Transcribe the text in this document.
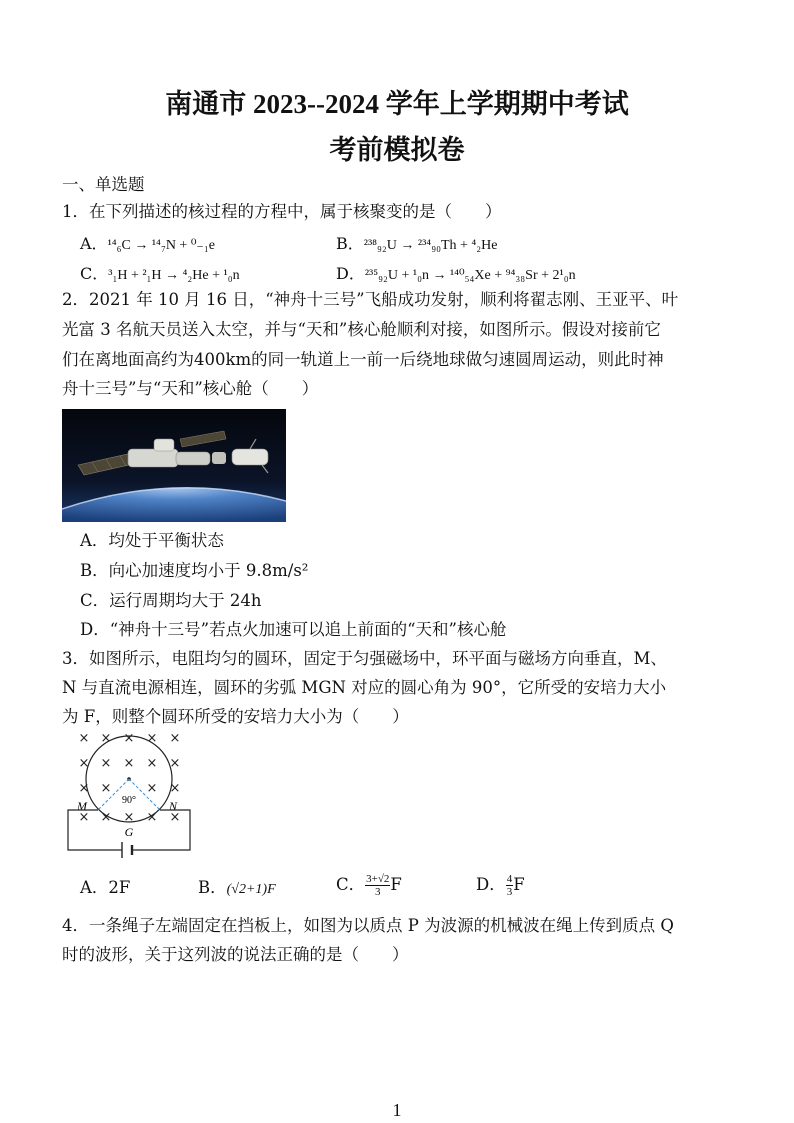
南通市 2023--2024 学年上学期期中考试
考前模拟卷
一、单选题
1．在下列描述的核过程的方程中，属于核聚变的是（　　）
A．¹⁴₆C → ¹⁴₇N + ⁰₋₁e	B．²³⁸₉₂U → ²³⁴₉₀Th + ⁴₂He
C．³₁H + ²₁H → ⁴₂He + ¹₀n	D．²³⁵₉₂U + ¹₀n → ¹⁴⁰₅₄Xe + ⁹⁴₃₈Sr + 2¹₀n
2．2021 年 10 月 16 日，“神舟十三号”飞船成功发射，顺利将翟志刚、王亚平、叶
光富 3 名航天员送入太空，并与“天和”核心舱顺利对接，如图所示。假设对接前它
们在离地面高约为400km的同一轨道上一前一后绕地球做匀速圆周运动，则此时神
舟十三号”与“天和”核心舱（　　）
A．均处于平衡状态
B．向心加速度均小于 9.8m/s²
C．运行周期均大于 24h
D．“神舟十三号”若点火加速可以追上前面的“天和”核心舱
3．如图所示，电阻均匀的圆环，固定于匀强磁场中，环平面与磁场方向垂直，M、
N 与直流电源相连，圆环的劣弧 MGN 对应的圆心角为 90°，它所受的安培力大小
为 F，则整个圆环所受的安培力大小为（　　）
× × × × ×
× × × × ×
× ×	× ×
× × × × ×
90°
M	N
G
A．2F	B．(√2+1)F	C． $\frac{3+√2}{3}$ F	D． $\frac{4}{3}$ F
4．一条绳子左端固定在挡板上，如图为以质点 P 为波源的机械波在绳上传到质点 Q
时的波形，关于这列波的说法正确的是（　　）
1
